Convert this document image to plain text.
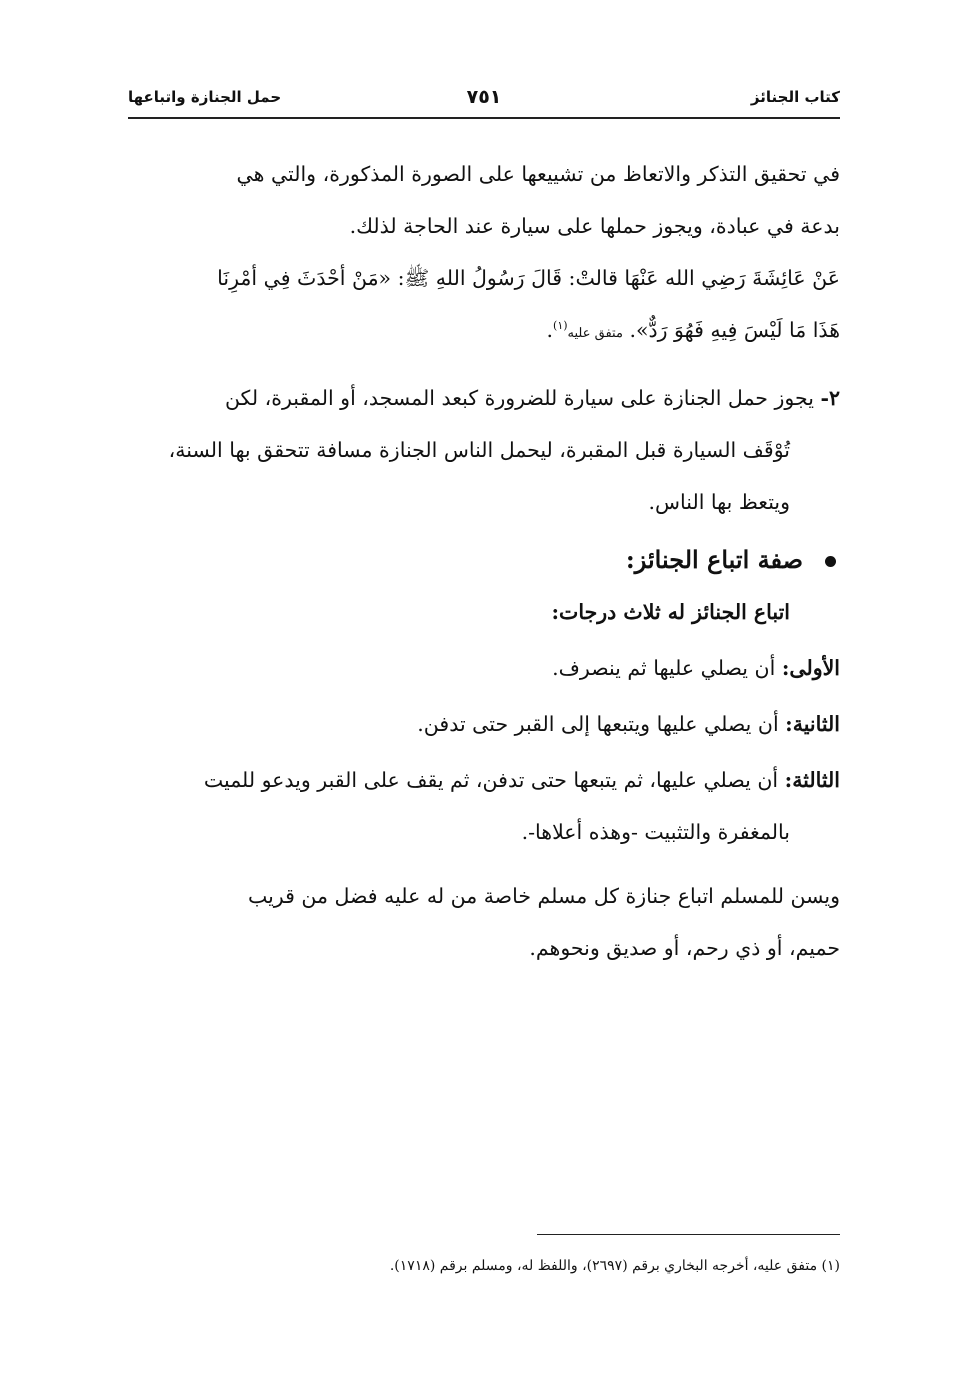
كتاب الجنائز
٧٥١
حمل الجنازة واتباعها

في تحقيق التذكر والاتعاظ من تشييعها على الصورة المذكورة، والتي هي

بدعة في عبادة، ويجوز حملها على سيارة عند الحاجة لذلك.

عَنْ عَائِشَةَ رَضِي الله عَنْهَا قالتْ: قَالَ رَسُولُ اللهِ ﷺ: «مَنْ أحْدَثَ فِي أمْرِنَا

هَذَا مَا لَيْسَ فِيهِ فَهُوَ رَدٌّ». متفق عليه$^{(١)}$.

٢- يجوز حمل الجنازة على سيارة للضرورة كبعد المسجد، أو المقبرة، لكن

تُوْقَف السيارة قبل المقبرة، ليحمل الناس الجنازة مسافة تتحقق بها السنة،

ويتعظ بها الناس.

صفة اتباع الجنائز:

اتباع الجنائز له ثلاث درجات:

الأولى: أن يصلي عليها ثم ينصرف.

الثانية: أن يصلي عليها ويتبعها إلى القبر حتى تدفن.

الثالثة: أن يصلي عليها، ثم يتبعها حتى تدفن، ثم يقف على القبر ويدعو للميت

بالمغفرة والتثبيت -وهذه أعلاها-.

ويسن للمسلم اتباع جنازة كل مسلم خاصة من له عليه فضل من قريب

حميم، أو ذي رحم، أو صديق ونحوهم.

(١) متفق عليه، أخرجه البخاري برقم (٢٦٩٧)، واللفظ له، ومسلم برقم (١٧١٨).
